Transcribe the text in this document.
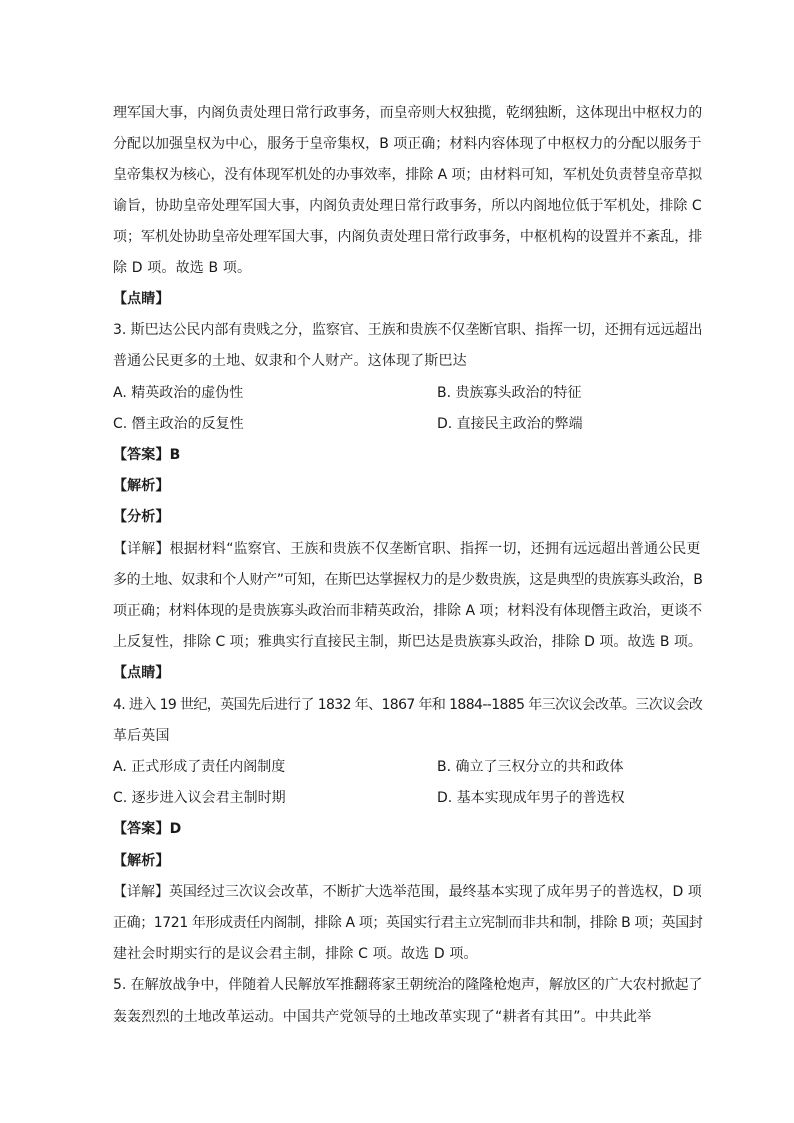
理军国大事，内阁负责处理日常行政事务，而皇帝则大权独揽，乾纲独断，这体现出中枢权力的
分配以加强皇权为中心，服务于皇帝集权，B 项正确；材料内容体现了中枢权力的分配以服务于
皇帝集权为核心，没有体现军机处的办事效率，排除 A 项；由材料可知，军机处负责替皇帝草拟
谕旨，协助皇帝处理军国大事，内阁负责处理日常行政事务，所以内阁地位低于军机处，排除 C
项；军机处协助皇帝处理军国大事，内阁负责处理日常行政事务，中枢机构的设置并不紊乱，排
除 D 项。故选 B 项。
【点睛】
3. 斯巴达公民内部有贵贱之分，监察官、王族和贵族不仅垄断官职、指挥一切，还拥有远远超出
普通公民更多的土地、奴隶和个人财产。这体现了斯巴达
A. 精英政治的虚伪性	B. 贵族寡头政治的特征
C. 僭主政治的反复性	D. 直接民主政治的弊端
【答案】B
【解析】
【分析】
【详解】根据材料“监察官、王族和贵族不仅垄断官职、指挥一切，还拥有远远超出普通公民更
多的土地、奴隶和个人财产”可知，在斯巴达掌握权力的是少数贵族，这是典型的贵族寡头政治，B
项正确；材料体现的是贵族寡头政治而非精英政治，排除 A 项；材料没有体现僭主政治，更谈不
上反复性，排除 C 项；雅典实行直接民主制，斯巴达是贵族寡头政治，排除 D 项。故选 B 项。
【点睛】
4. 进入 19 世纪，英国先后进行了 1832 年、1867 年和 1884--1885 年三次议会改革。三次议会改
革后英国
A. 正式形成了责任内阁制度	B. 确立了三权分立的共和政体
C. 逐步进入议会君主制时期	D. 基本实现成年男子的普选权
【答案】D
【解析】
【详解】英国经过三次议会改革，不断扩大选举范围，最终基本实现了成年男子的普选权，D 项
正确；1721 年形成责任内阁制，排除 A 项；英国实行君主立宪制而非共和制，排除 B 项；英国封
建社会时期实行的是议会君主制，排除 C 项。故选 D 项。
5. 在解放战争中，伴随着人民解放军推翻蒋家王朝统治的隆隆枪炮声，解放区的广大农村掀起了
轰轰烈烈的土地改革运动。中国共产党领导的土地改革实现了“耕者有其田”。中共此举
